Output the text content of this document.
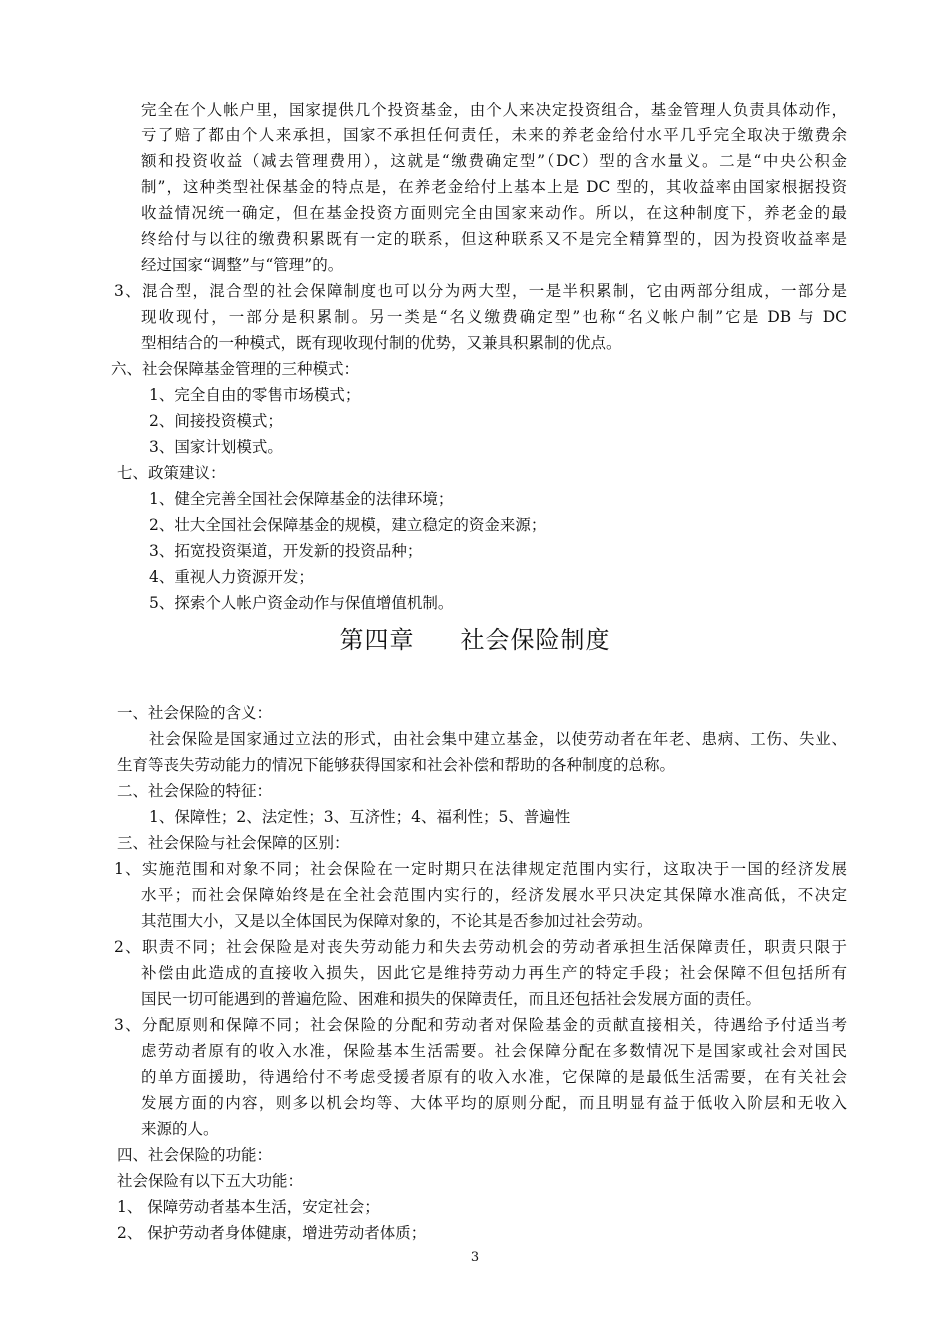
完全在个人帐户里，国家提供几个投资基金，由个人来决定投资组合，基金管理人负责具体动作，
亏了赔了都由个人来承担，国家不承担任何责任，未来的养老金给付水平几乎完全取决于缴费余
额和投资收益（减去管理费用），这就是“缴费确定型”（DC）型的含水量义。二是“中央公积金
制”，这种类型社保基金的特点是，在养老金给付上基本上是 DC 型的，其收益率由国家根据投资
收益情况统一确定，但在基金投资方面则完全由国家来动作。所以，在这种制度下，养老金的最
终给付与以往的缴费积累既有一定的联系，但这种联系又不是完全精算型的，因为投资收益率是
经过国家“调整”与“管理”的。
3、混合型，混合型的社会保障制度也可以分为两大型，一是半积累制，它由两部分组成，一部分是
现收现付，一部分是积累制。另一类是“名义缴费确定型”也称“名义帐户制”它是 DB 与 DC
型相结合的一种模式，既有现收现付制的优势，又兼具积累制的优点。
六、社会保障基金管理的三种模式：
1、完全自由的零售市场模式；
2、间接投资模式；
3、国家计划模式。
七、政策建议：
1、健全完善全国社会保障基金的法律环境；
2、壮大全国社会保障基金的规模，建立稳定的资金来源；
3、拓宽投资渠道，开发新的投资品种；
4、重视人力资源开发；
5、探索个人帐户资金动作与保值增值机制。
第四章 社会保险制度
一、社会保险的含义：
社会保险是国家通过立法的形式，由社会集中建立基金，以使劳动者在年老、患病、工伤、失业、
生育等丧失劳动能力的情况下能够获得国家和社会补偿和帮助的各种制度的总称。
二、社会保险的特征：
1、保障性；2、法定性；3、互济性；4、福利性；5、普遍性
三、社会保险与社会保障的区别：
1、实施范围和对象不同；社会保险在一定时期只在法律规定范围内实行，这取决于一国的经济发展
水平；而社会保障始终是在全社会范围内实行的，经济发展水平只决定其保障水准高低，不决定
其范围大小，又是以全体国民为保障对象的，不论其是否参加过社会劳动。
2、职责不同；社会保险是对丧失劳动能力和失去劳动机会的劳动者承担生活保障责任，职责只限于
补偿由此造成的直接收入损失，因此它是维持劳动力再生产的特定手段；社会保障不但包括所有
国民一切可能遇到的普遍危险、困难和损失的保障责任，而且还包括社会发展方面的责任。
3、分配原则和保障不同；社会保险的分配和劳动者对保险基金的贡献直接相关，待遇给予付适当考
虑劳动者原有的收入水准，保险基本生活需要。社会保障分配在多数情况下是国家或社会对国民
的单方面援助，待遇给付不考虑受援者原有的收入水准，它保障的是最低生活需要，在有关社会
发展方面的内容，则多以机会均等、大体平均的原则分配，而且明显有益于低收入阶层和无收入
来源的人。
四、社会保险的功能：
社会保险有以下五大功能：
1、 保障劳动者基本生活，安定社会；
2、 保护劳动者身体健康，增进劳动者体质；
3
